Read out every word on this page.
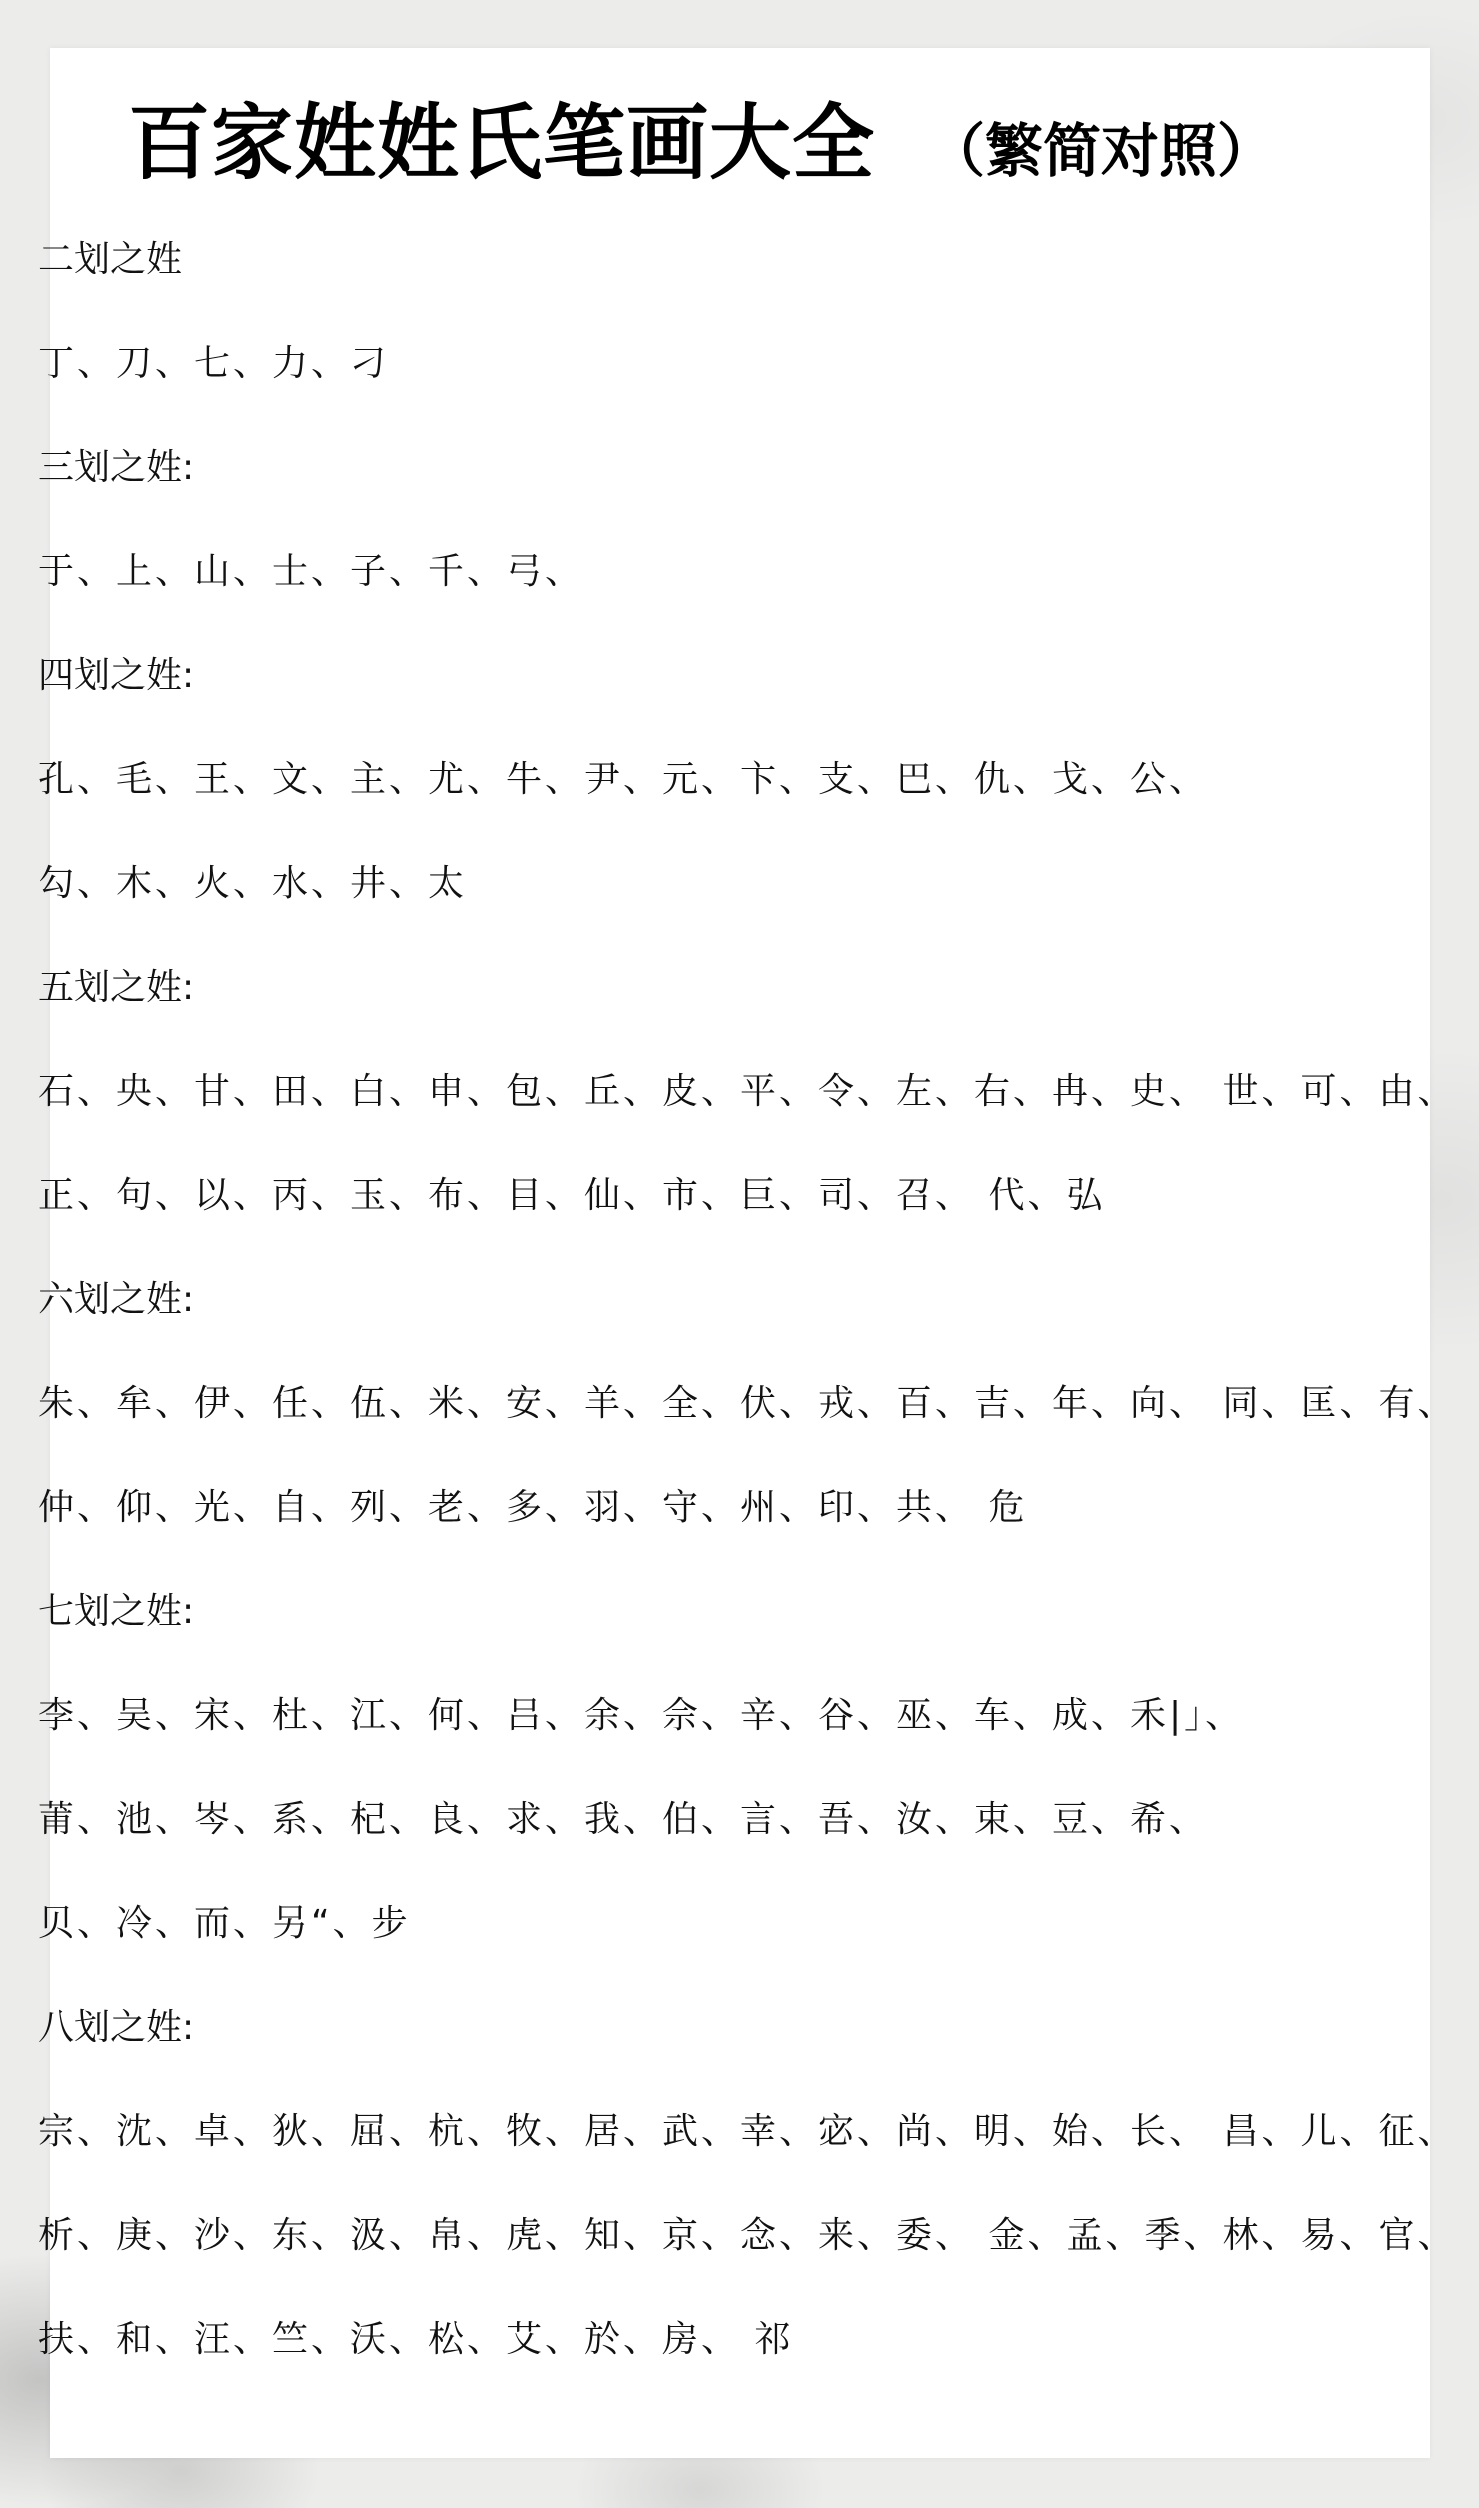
百家姓姓氏笔画大全 （繁简对照）
二划之姓
丁、刀、七、力、刁
三划之姓:
于、上、山、士、子、千、弓、
四划之姓:
孔、毛、王、文、主、尤、牛、尹、元、卞、支、巴、仇、戈、公、
勾、木、火、水、井、太
五划之姓:
石、央、甘、田、白、申、包、丘、皮、平、令、左、右、冉、史、 世、可、由、
正、句、以、丙、玉、布、目、仙、市、巨、司、召、 代、弘
六划之姓:
朱、牟、伊、任、伍、米、安、羊、全、伏、戎、百、吉、年、向、 同、匡、有、
仲、仰、光、自、列、老、多、羽、守、州、印、共、 危
七划之姓:
李、吴、宋、杜、江、何、吕、余、佘、辛、谷、巫、车、成、禾|」、
莆、池、岑、系、杞、良、求、我、伯、言、吾、汝、束、豆、希、
贝、冷、而、另“、步
八划之姓:
宗、沈、卓、狄、屈、杭、牧、居、武、幸、宓、尚、明、始、长、 昌、儿、征、
析、庚、沙、东、汲、帛、虎、知、京、念、来、委、 金、孟、季、林、易、官、
扶、和、汪、竺、沃、松、艾、於、房、 祁
